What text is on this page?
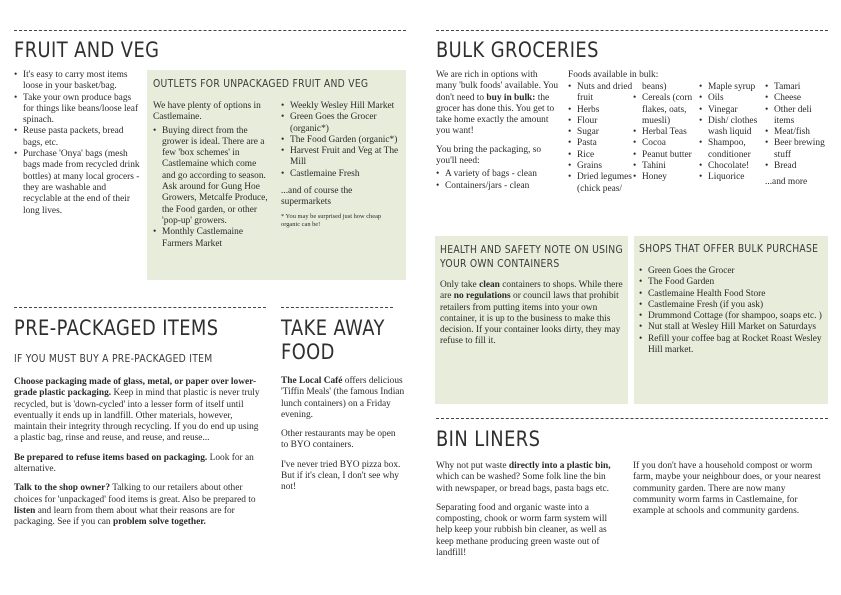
FRUIT AND VEG
• It's easy to carry most items loose in your basket/bag.
• Take your own produce bags for things like beans/loose leaf spinach.
• Reuse pasta packets, bread bags, etc.
• Purchase 'Onya' bags (mesh bags made from recycled drink bottles) at many local grocers - they are washable and recyclable at the end of their long lives.
OUTLETS FOR UNPACKAGED FRUIT AND VEG

We have plenty of options in Castlemaine.

• Buying direct from the grower is ideal. There are a few 'box schemes' in Castlemaine which come and go according to season. Ask around for Gung Hoe Growers, Metcalfe Produce, the Food garden, or other 'pop-up' growers.
• Monthly Castlemaine Farmers Market
• Weekly Wesley Hill Market
• Green Goes the Grocer (organic*)
• The Food Garden (organic*)
• Harvest Fruit and Veg at The Mill
• Castlemaine Fresh

...and of course the supermarkets

* You may be surprised just how cheap organic can be!

BULK GROCERIES

We are rich in options with many 'bulk foods' available. You don't need to buy in bulk: the grocer has done this. You get to take home exactly the amount you want!

You bring the packaging, so you'll need:

• A variety of bags - clean
• Containers/jars - clean
Foods available in bulk:
• Nuts and dried fruit
• Herbs
• Flour
• Sugar
• Pasta
• Rice
• Grains
• Dried legumes (chick peas/

beans)

• Cereals (corn flakes, oats, muesli)
• Herbal Teas
• Cocoa
• Peanut butter
• Tahini
• Honey
• Maple syrup
• Oils
• Vinegar
• Dish/ clothes wash liquid
• Shampoo, conditioner
• Chocolate!
• Liquorice
• Tamari
• Cheese
• Other deli items
• Meat/fish
• Beer brewing stuff
• Bread

...and more

HEALTH AND SAFETY NOTE ON USING YOUR OWN CONTAINERS

Only take clean containers to shops. While there are no regulations or council laws that prohibit retailers from putting items into your own container, it is up to the business to make this decision. If your container looks dirty, they may refuse to fill it.

SHOPS THAT OFFER BULK PURCHASE
• Green Goes the Grocer
• The Food Garden
• Castlemaine Health Food Store
• Castlemaine Fresh (if you ask)
• Drummond Cottage (for shampoo, soaps etc. )
• Nut stall at Wesley Hill Market on Saturdays
• Refill your coffee bag at Rocket Roast Wesley Hill market.
PRE-PACKAGED ITEMS
IF YOU MUST BUY A PRE-PACKAGED ITEM

Choose packaging made of glass, metal, or paper over lower-grade plastic packaging. Keep in mind that plastic is never truly recycled, but is 'down-cycled' into a lesser form of itself until eventually it ends up in landfill. Other materials, however, maintain their integrity through recycling. If you do end up using a plastic bag, rinse and reuse, and reuse, and reuse...

Be prepared to refuse items based on packaging. Look for an alternative.

Talk to the shop owner? Talking to our retailers about other choices for 'unpackaged' food items is great. Also be prepared to listen and learn from them about what their reasons are for packaging. See if you can problem solve together.

TAKE AWAY
FOOD

The Local Café offers delicious 'Tiffin Meals' (the famous Indian lunch containers) on a Friday evening.

Other restaurants may be open to BYO containers.

I've never tried BYO pizza box. But if it's clean, I don't see why not!

BIN LINERS

Why not put waste directly into a plastic bin, which can be washed? Some folk line the bin with newspaper, or bread bags, pasta bags etc.

Separating food and organic waste into a composting, chook or worm farm system will help keep your rubbish bin cleaner, as well as keep methane producing green waste out of landfill!

If you don't have a household compost or worm farm, maybe your neighbour does, or your nearest community garden. There are now many community worm farms in Castlemaine, for example at schools and community gardens.
